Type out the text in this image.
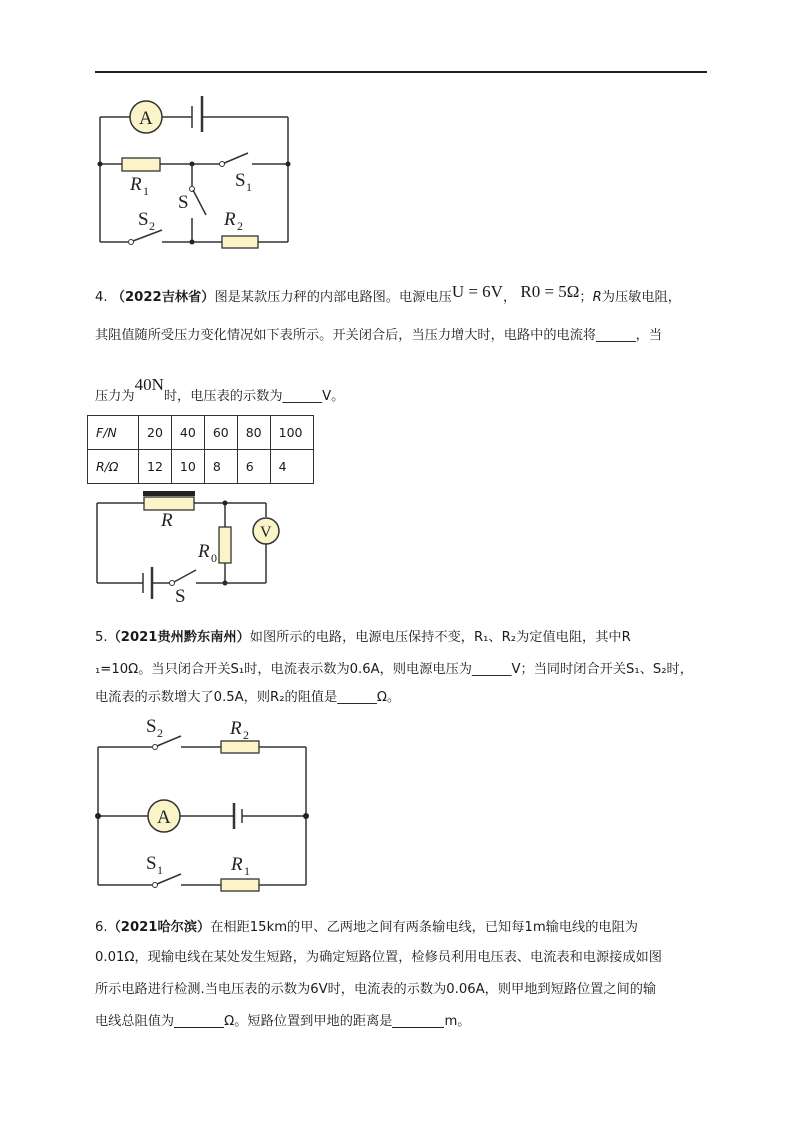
A
R 1	S 1
S
S 2	R 2
4. （2022吉林省）图是某款压力秤的内部电路图。电源电压U = 6V， R0 = 5Ω；R为压敏电阻，
其阻值随所受压力变化情况如下表所示。开关闭合后，当压力增大时，电路中的电流将______，当
压力为40N时，电压表的示数为______V。
F/N	20	40	60	80	100
R/Ω	12	10	8	6	4
V
R
R 0
S
5.（2021贵州黔东南州）如图所示的电路，电源电压保持不变，R₁、R₂为定值电阻，其中R
₁=10Ω。当只闭合开关S₁时，电流表示数为0.6A，则电源电压为______V；当同时闭合开关S₁、S₂时，
电流表的示数增大了0.5A，则R₂的阻值是______Ω。
S 2	R 2
A
S 1	R 1
6.（2021哈尔滨）在相距15km的甲、乙两地之间有两条输电线，已知每1m输电线的电阻为
0.01Ω，现输电线在某处发生短路，为确定短路位置，检修员利用电压表、电流表和电源接成如图
所示电路进行检测.当电压表的示数为6V时，电流表的示数为0.06A，则甲地到短路位置之间的输
电线总阻值为	Ω。短路位置到甲地的距离是	m。
